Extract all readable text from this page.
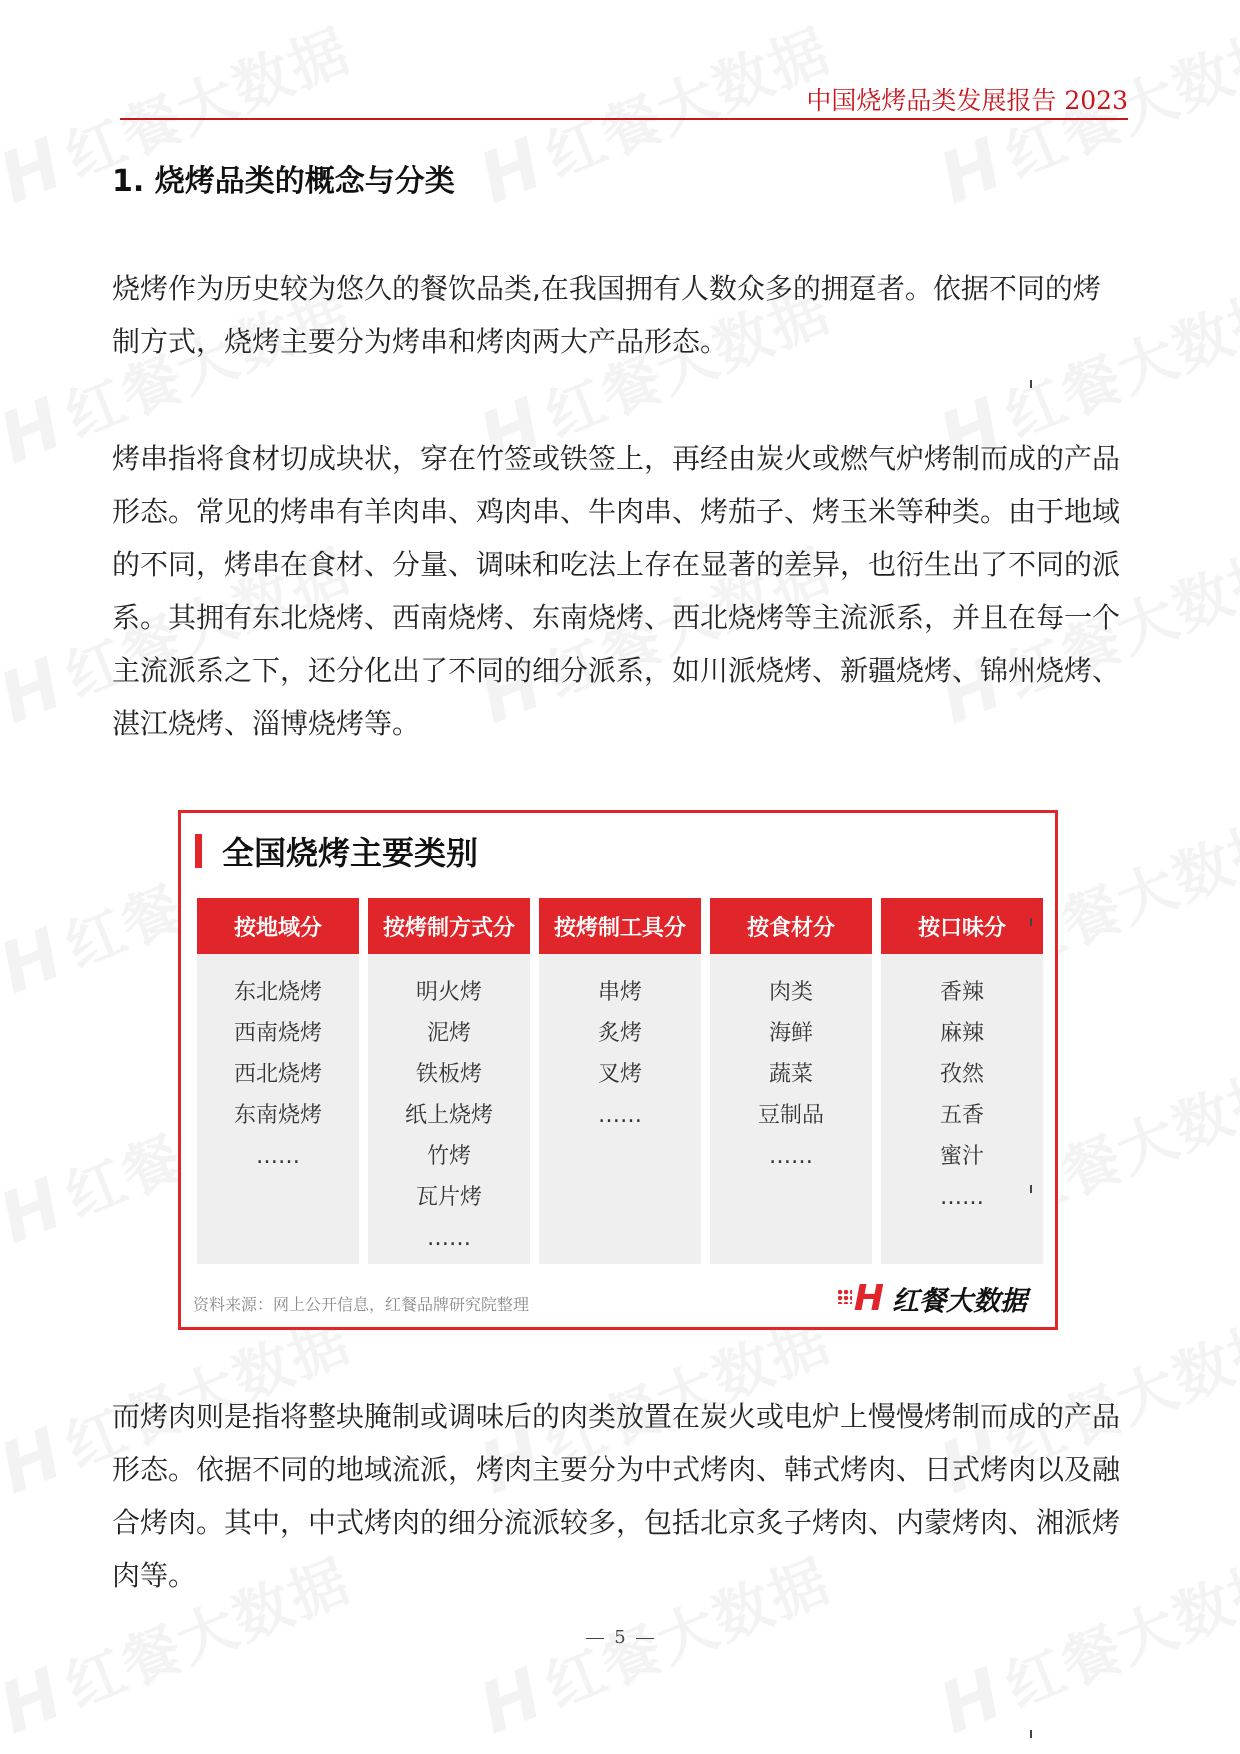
中国烧烤品类发展报告 2023
1. 烧烤品类的概念与分类

烧烤作为历史较为悠久的餐饮品类,在我国拥有人数众多的拥趸者。依据不同的烤制方式，烧烤主要分为烤串和烤肉两大产品形态。

烤串指将食材切成块状，穿在竹签或铁签上，再经由炭火或燃气炉烤制而成的产品形态。常见的烤串有羊肉串、鸡肉串、牛肉串、烤茄子、烤玉米等种类。由于地域的不同，烤串在食材、分量、调味和吃法上存在显著的差异，也衍生出了不同的派系。其拥有东北烧烤、西南烧烤、东南烧烤、西北烧烤等主流派系，并且在每一个主流派系之下，还分化出了不同的细分派系，如川派烧烤、新疆烧烤、锦州烧烤、湛江烧烤、淄博烧烤等。

全国烧烤主要类别
按地域分
东北烧烤
西南烧烤
西北烧烤
东南烧烤
……
按烤制方式分
明火烤
泥烤
铁板烤
纸上烧烤
竹烤
瓦片烤
……
按烤制工具分
串烤
炙烤
叉烤
……
按食材分
肉类
海鲜
蔬菜
豆制品
……
按口味分
香辣
麻辣
孜然
五香
蜜汁
……
资料来源：网上公开信息，红餐品牌研究院整理	H 红餐大数据

而烤肉则是指将整块腌制或调味后的肉类放置在炭火或电炉上慢慢烤制而成的产品形态。依据不同的地域流派，烤肉主要分为中式烤肉、韩式烤肉、日式烤肉以及融合烤肉。其中，中式烤肉的细分流派较多，包括北京炙子烤肉、内蒙烤肉、湘派烤肉等。

5
